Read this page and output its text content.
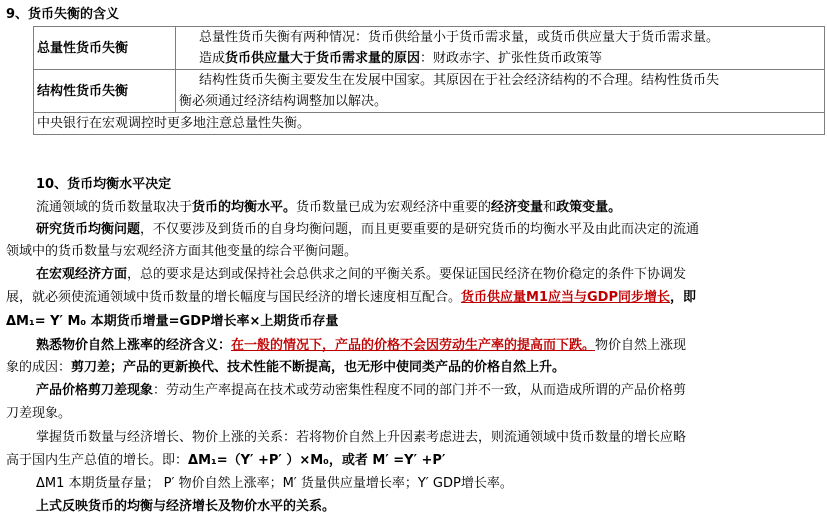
9、货币失衡的含义
总量性货币失衡	总量性货币失衡有两种情况：货币供给量小于货币需求量，或货币供应量大于货币需求量。
造成货币供应量大于货币需求量的原因：财政赤字、扩张性货币政策等

结构性货币失衡	结构性货币失衡主要发生在发展中国家。其原因在于社会经济结构的不合理。结构性货币失
衡必须通过经济结构调整加以解决。

中央银行在宏观调控时更多地注意总量性失衡。	
10、货币均衡水平决定
流通领域的货币数量取决于货币的均衡水平。货币数量已成为宏观经济中重要的经济变量和政策变量。
研究货币均衡问题，不仅要涉及到货币的自身均衡问题，而且更要重要的是研究货币的均衡水平及由此而决定的流通
领域中的货币数量与宏观经济方面其他变量的综合平衡问题。
在宏观经济方面，总的要求是达到或保持社会总供求之间的平衡关系。要保证国民经济在物价稳定的条件下协调发
展，就必须使流通领域中货币数量的增长幅度与国民经济的增长速度相互配合。货币供应量M1应当与GDP同步增长，即
ΔM₁= Y′ M₀ 本期货币增量=GDP增长率×上期货币存量
熟悉物价自然上涨率的经济含义：在一般的情况下，产品的价格不会因劳动生产率的提高而下跌。物价自然上涨现
象的成因：剪刀差；产品的更新换代、技术性能不断提高，也无形中使同类产品的价格自然上升。
产品价格剪刀差现象：劳动生产率提高在技术或劳动密集性程度不同的部门并不一致，从而造成所谓的产品价格剪
刀差现象。
掌握货币数量与经济增长、物价上涨的关系：若将物价自然上升因素考虑进去，则流通领域中货币数量的增长应略
高于国内生产总值的增长。即：ΔM₁=（Y′ +P′ ）×M₀，或者 M′ =Y′ +P′
ΔM1 本期货量存量； P′ 物价自然上涨率；M′ 货量供应量增长率；Y′ GDP增长率。
上式反映货币的均衡与经济增长及物价水平的关系。
